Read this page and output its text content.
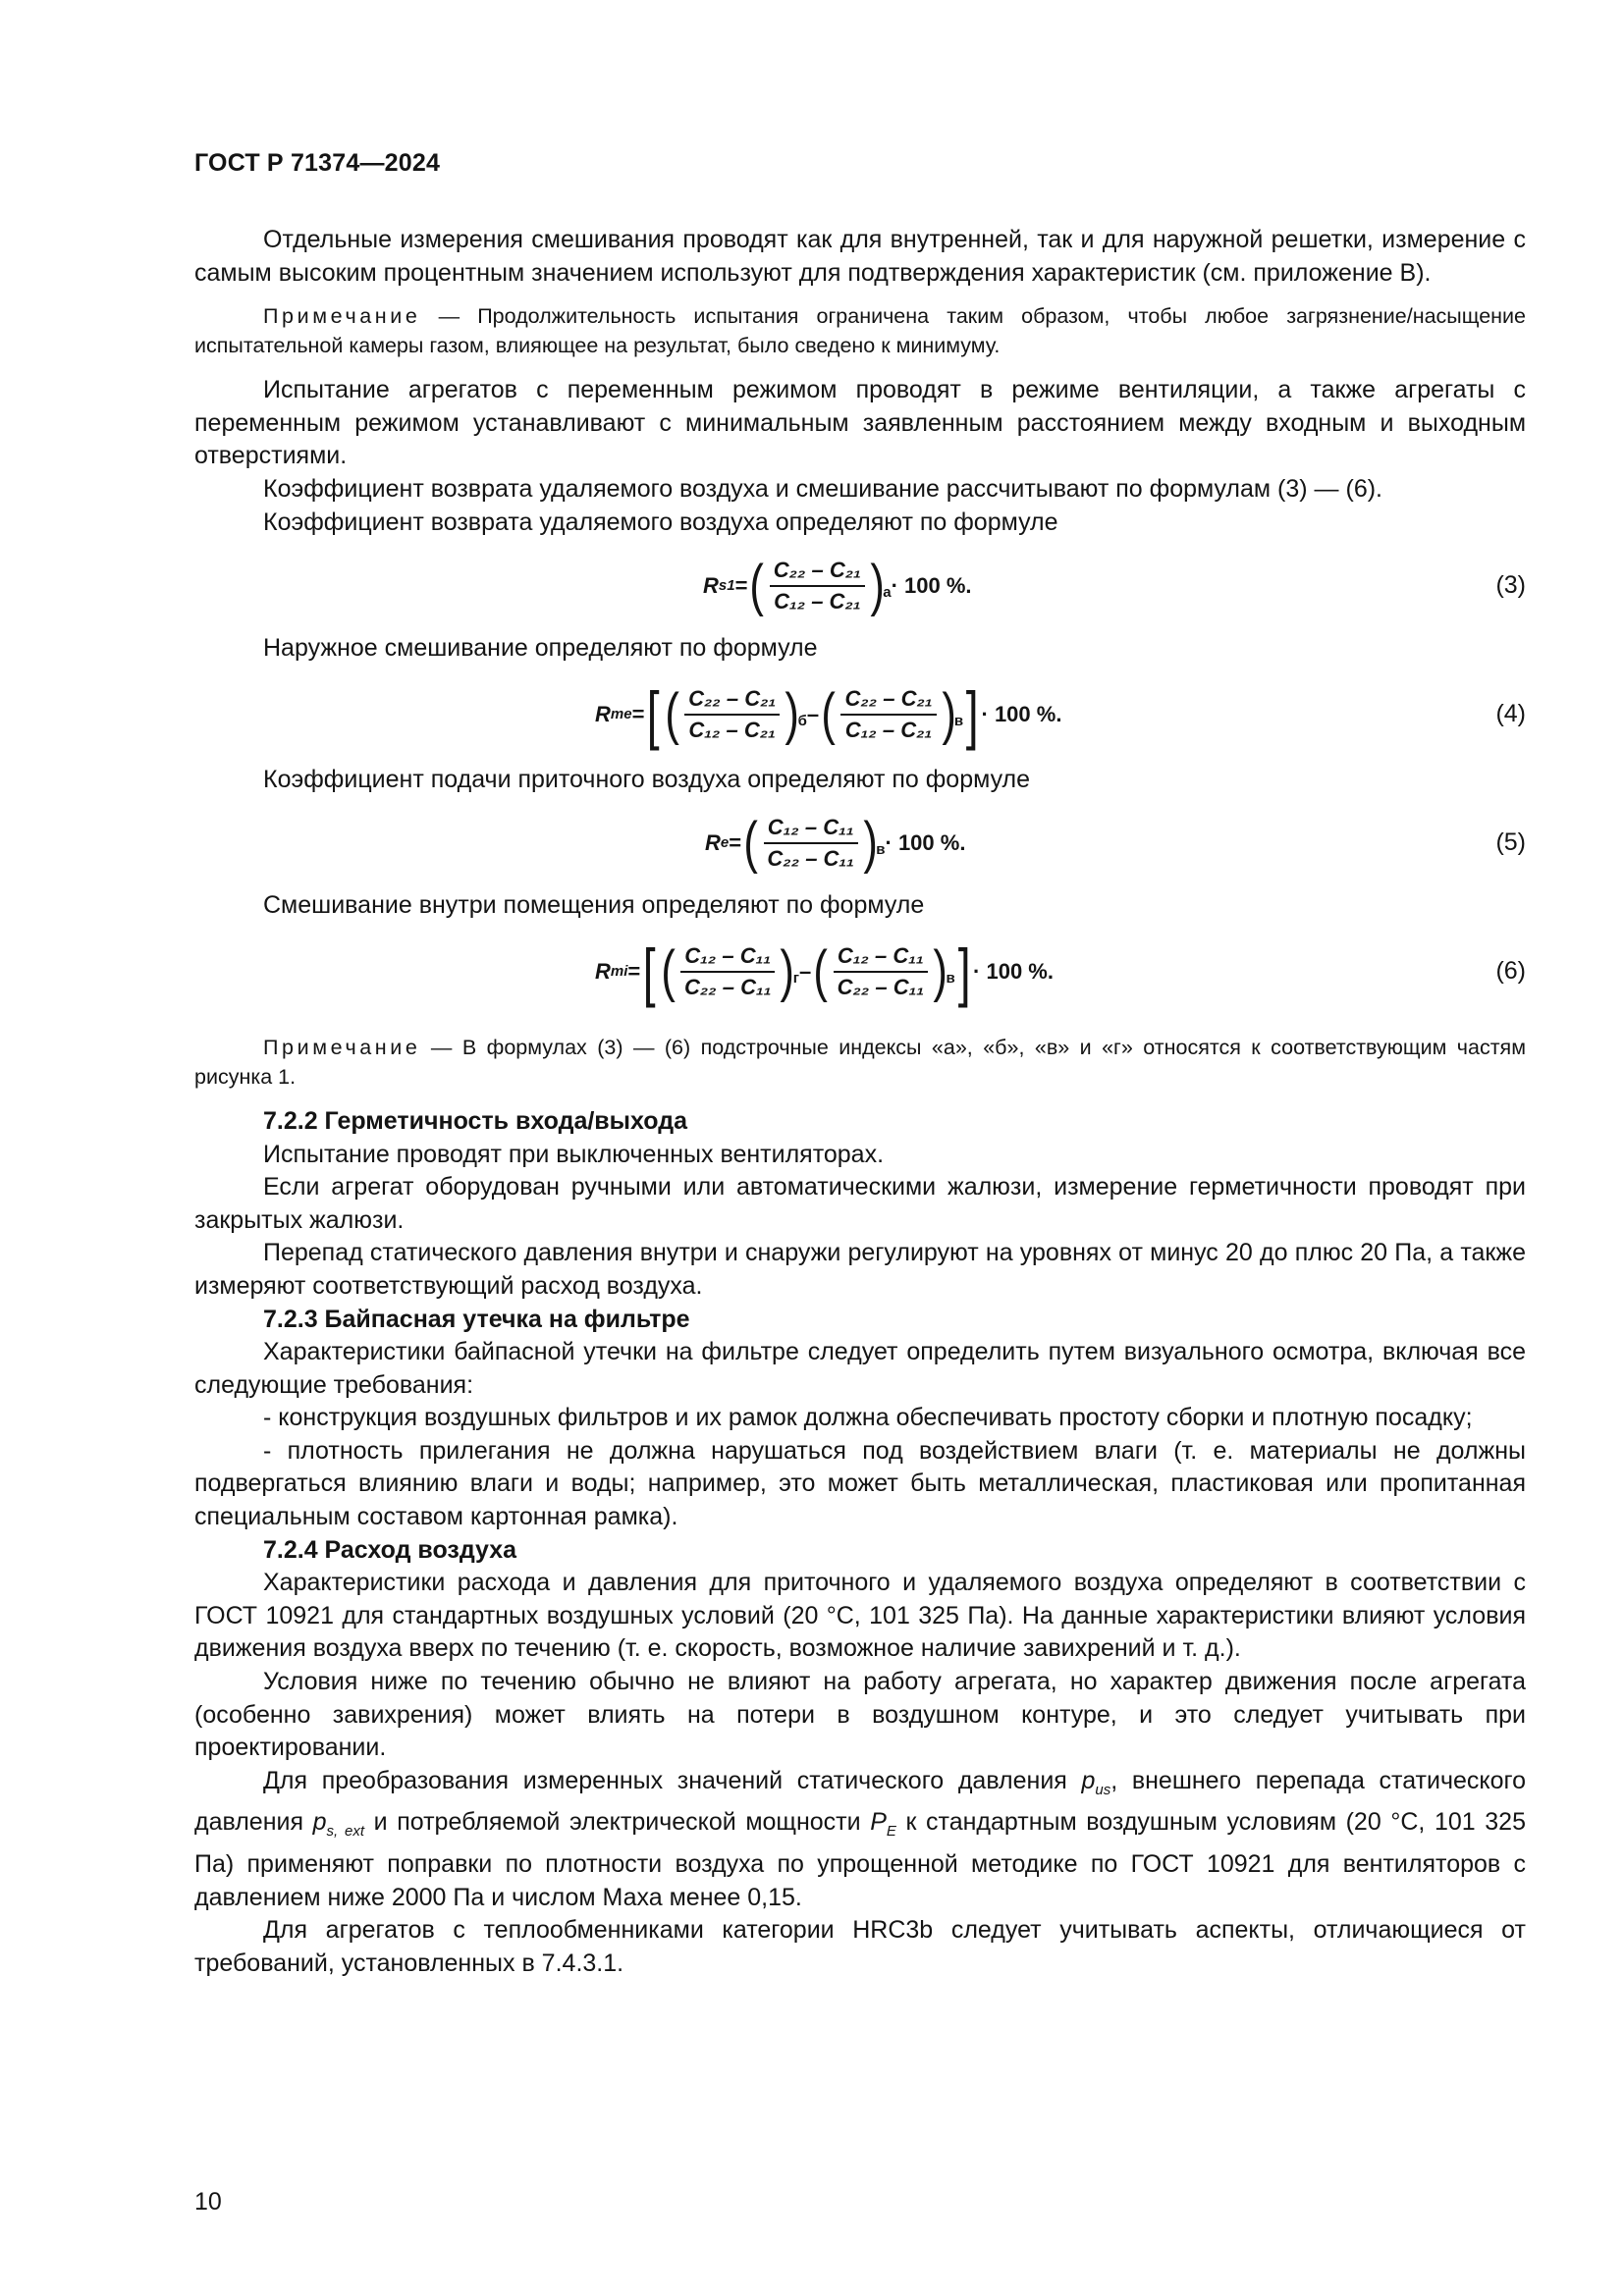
ГОСТ Р 71374—2024

Отдельные измерения смешивания проводят как для внутренней, так и для наружной решетки, измерение с самым высоким процентным значением используют для подтверждения характеристик (см. приложение В).

Примечание — Продолжительность испытания ограничена таким образом, чтобы любое загрязнение/насыщение испытательной камеры газом, влияющее на результат, было сведено к минимуму.

Испытание агрегатов с переменным режимом проводят в режиме вентиляции, а также агрегаты с переменным режимом устанавливают с минимальным заявленным расстоянием между входным и выходным отверстиями.

Коэффициент возврата удаляемого воздуха и смешивание рассчитывают по формулам (3) — (6).

Коэффициент возврата удаляемого воздуха определяют по формуле

R s1 = ( $\frac{\text{C₂₂ – C₂₁}}{\text{C₁₂ – C₂₁}}$ )
а · 100 %.	(3)

Наружное смешивание определяют по формуле

R me = [ ( $\frac{\text{C₂₂ – C₂₁}}{\text{C₁₂ – C₂₁}}$ )
б – ( $\frac{\text{C₂₂ – C₂₁}}{\text{C₁₂ – C₂₁}}$ )
в ] · 100 %.	(4)

Коэффициент подачи приточного воздуха определяют по формуле

R e = ( $\frac{\text{C₁₂ – C₁₁}}{\text{C₂₂ – C₁₁}}$ )
в · 100 %.	(5)

Смешивание внутри помещения определяют по формуле

R mi = [ ( $\frac{\text{C₁₂ – C₁₁}}{\text{C₂₂ – C₁₁}}$ )
г – ( $\frac{\text{C₁₂ – C₁₁}}{\text{C₂₂ – C₁₁}}$ )
в ] · 100 %.	(6)

Примечание — В формулах (3) — (6) подстрочные индексы «а», «б», «в» и «г» относятся к соответствующим частям рисунка 1.

7.2.2 Герметичность входа/выхода

Испытание проводят при выключенных вентиляторах.

Если агрегат оборудован ручными или автоматическими жалюзи, измерение герметичности проводят при закрытых жалюзи.

Перепад статического давления внутри и снаружи регулируют на уровнях от минус 20 до плюс 20 Па, а также измеряют соответствующий расход воздуха.

7.2.3 Байпасная утечка на фильтре

Характеристики байпасной утечки на фильтре следует определить путем визуального осмотра, включая все следующие требования:

- конструкция воздушных фильтров и их рамок должна обеспечивать простоту сборки и плотную посадку;

- плотность прилегания не должна нарушаться под воздействием влаги (т. е. материалы не должны подвергаться влиянию влаги и воды; например, это может быть металлическая, пластиковая или пропитанная специальным составом картонная рамка).

7.2.4 Расход воздуха

Характеристики расхода и давления для приточного и удаляемого воздуха определяют в соответствии с ГОСТ 10921 для стандартных воздушных условий (20 °С, 101 325 Па). На данные характеристики влияют условия движения воздуха вверх по течению (т. е. скорость, возможное наличие завихрений и т. д.).

Условия ниже по течению обычно не влияют на работу агрегата, но характер движения после агрегата (особенно завихрения) может влиять на потери в воздушном контуре, и это следует учитывать при проектировании.

Для преобразования измеренных значений статического давления $p_{us}$, внешнего перепада статического давления $p_{s, ext}$ и потребляемой электрической мощности $P_E$ к стандартным воздушным условиям (20 °С, 101 325 Па) применяют поправки по плотности воздуха по упрощенной методике по ГОСТ 10921 для вентиляторов с давлением ниже 2000 Па и числом Маха менее 0,15.

Для агрегатов с теплообменниками категории HRC3b следует учитывать аспекты, отличающиеся от требований, установленных в 7.4.3.1.

10
